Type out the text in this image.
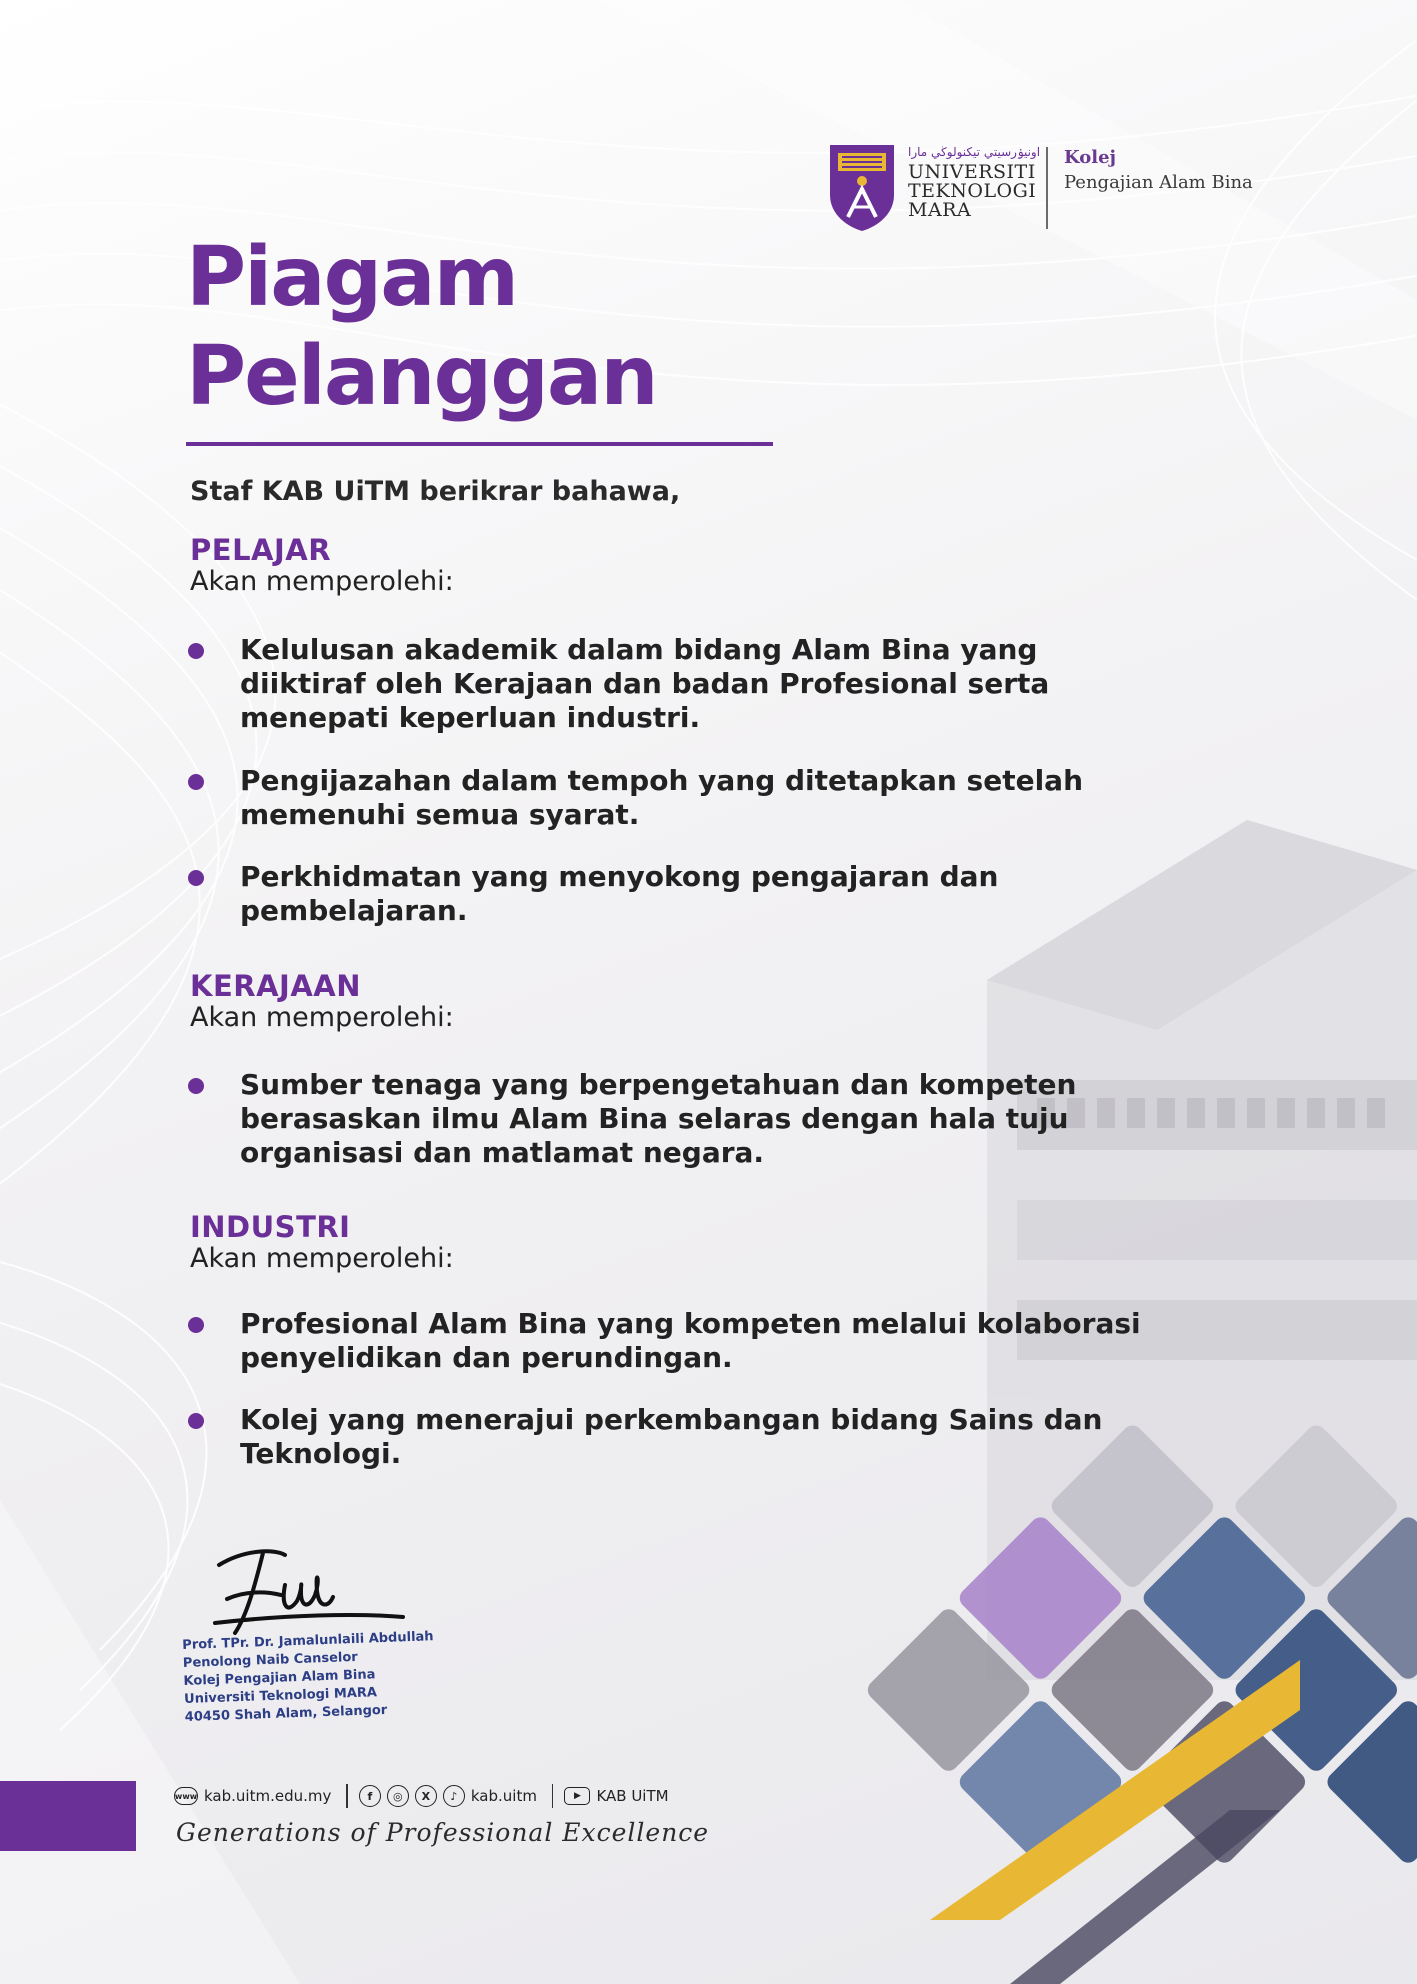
اونيۏرسيتي تيكنولوڬي مارا
UNIVERSITI
TEKNOLOGI
MARA
Kolej
Pengajian Alam Bina
Piagam
Pelanggan
Staf KAB UiTM berikrar bahawa,
PELAJAR
Akan memperolehi:
Kelulusan akademik dalam bidang Alam Bina yang
diiktiraf oleh Kerajaan dan badan Profesional serta
menepati keperluan industri.
Pengijazahan dalam tempoh yang ditetapkan setelah
memenuhi semua syarat.
Perkhidmatan yang menyokong pengajaran dan
pembelajaran.
KERAJAAN
Akan memperolehi:
Sumber tenaga yang berpengetahuan dan kompeten
berasaskan ilmu Alam Bina selaras dengan hala tuju
organisasi dan matlamat negara.
INDUSTRI
Akan memperolehi:
Profesional Alam Bina yang kompeten melalui kolaborasi
penyelidikan dan perundingan.
Kolej yang menerajui perkembangan bidang Sains dan
Teknologi.
Prof. TPr. Dr. Jamalunlaili Abdullah
Penolong Naib Canselor
Kolej Pengajian Alam Bina
Universiti Teknologi MARA
40450 Shah Alam, Selangor
www kab.uitm.edu.my	f	◎	X	♪ kab.uitm	▶	KAB UiTM
Generations of Professional Excellence
